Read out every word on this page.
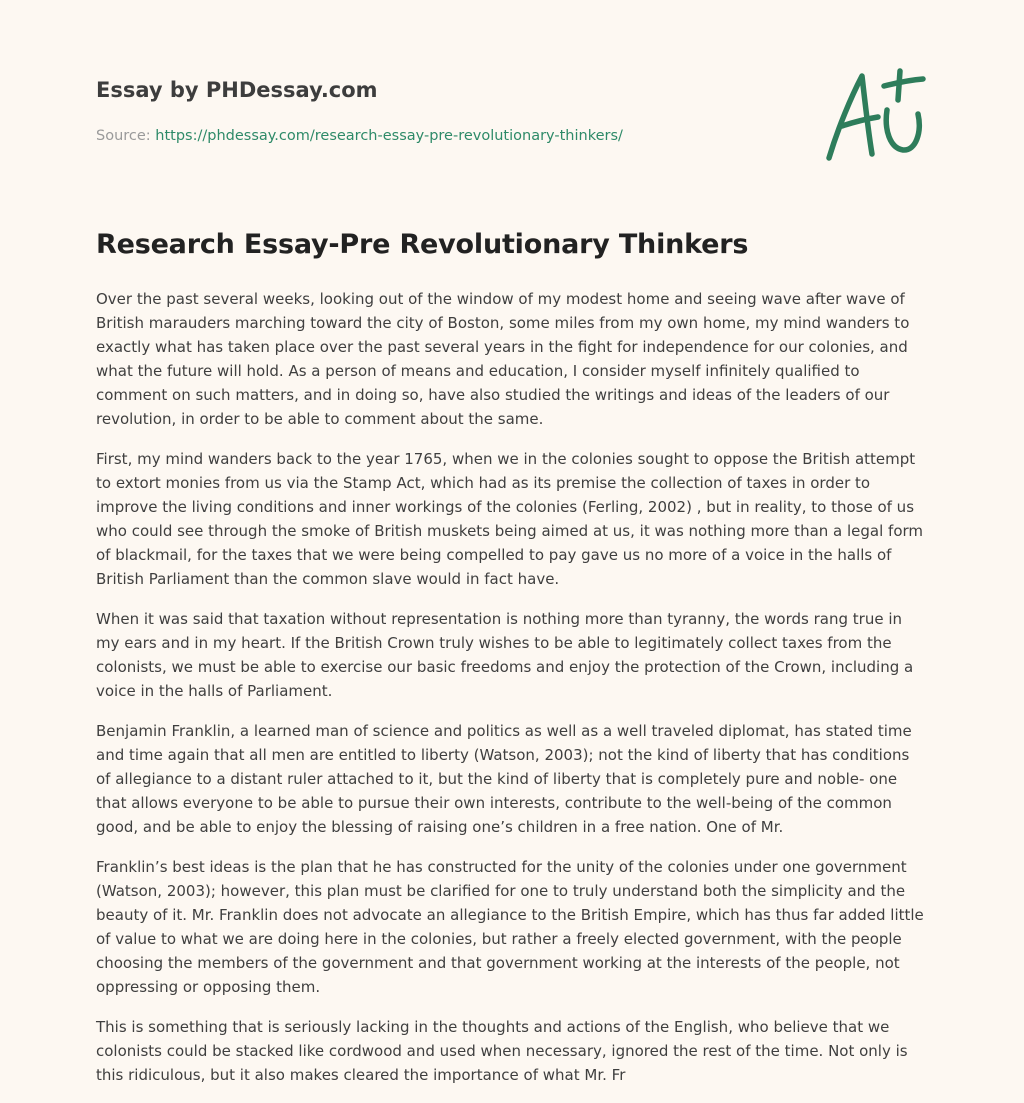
Essay by PHDessay.com

Source: https://phdessay.com/research-essay-pre-revolutionary-thinkers/
Research Essay-Pre Revolutionary Thinkers

Over the past several weeks, looking out of the window of my modest home and seeing wave after wave of British marauders marching toward the city of Boston, some miles from my own home, my mind wanders to exactly what has taken place over the past several years in the fight for independence for our colonies, and what the future will hold. As a person of means and education, I consider myself infinitely qualified to comment on such matters, and in doing so, have also studied the writings and ideas of the leaders of our revolution, in order to be able to comment about the same.

First, my mind wanders back to the year 1765, when we in the colonies sought to oppose the British attempt to extort monies from us via the Stamp Act, which had as its premise the collection of taxes in order to improve the living conditions and inner workings of the colonies (Ferling, 2002) , but in reality, to those of us who could see through the smoke of British muskets being aimed at us, it was nothing more than a legal form of blackmail, for the taxes that we were being compelled to pay gave us no more of a voice in the halls of British Parliament than the common slave would in fact have.

When it was said that taxation without representation is nothing more than tyranny, the words rang true in my ears and in my heart. If the British Crown truly wishes to be able to legitimately collect taxes from the colonists, we must be able to exercise our basic freedoms and enjoy the protection of the Crown, including a voice in the halls of Parliament.

Benjamin Franklin, a learned man of science and politics as well as a well traveled diplomat, has stated time and time again that all men are entitled to liberty (Watson, 2003); not the kind of liberty that has conditions of allegiance to a distant ruler attached to it, but the kind of liberty that is completely pure and noble- one that allows everyone to be able to pursue their own interests, contribute to the well-being of the common good, and be able to enjoy the blessing of raising one’s children in a free nation. One of Mr.

Franklin’s best ideas is the plan that he has constructed for the unity of the colonies under one government (Watson, 2003); however, this plan must be clarified for one to truly understand both the simplicity and the beauty of it. Mr. Franklin does not advocate an allegiance to the British Empire, which has thus far added little of value to what we are doing here in the colonies, but rather a freely elected government, with the people choosing the members of the government and that government working at the interests of the people, not oppressing or opposing them.

This is something that is seriously lacking in the thoughts and actions of the English, who believe that we colonists could be stacked like cordwood and used when necessary, ignored the rest of the time. Not only is this ridiculous, but it also makes cleared the importance of what Mr. Fr
